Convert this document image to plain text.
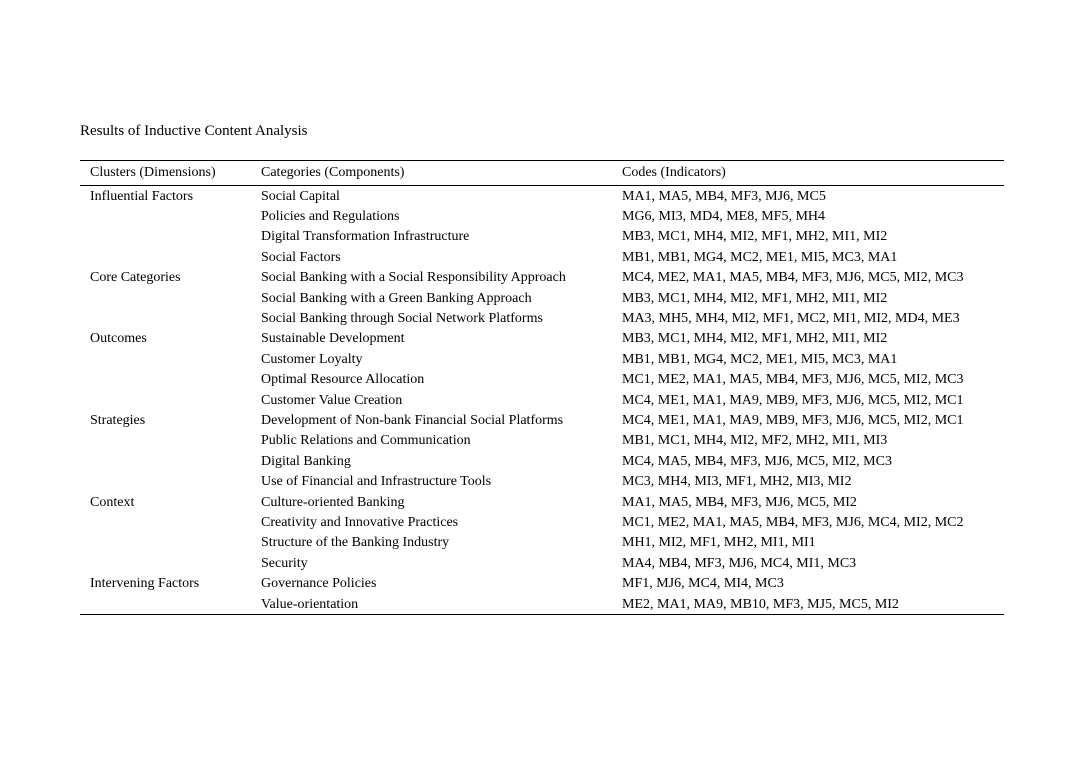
Results of Inductive Content Analysis
Clusters (Dimensions)	Categories (Components)	Codes (Indicators)
Influential Factors	Social Capital	MA1, MA5, MB4, MF3, MJ6, MC5
	Policies and Regulations	MG6, MI3, MD4, ME8, MF5, MH4
	Digital Transformation Infrastructure	MB3, MC1, MH4, MI2, MF1, MH2, MI1, MI2
	Social Factors	MB1, MB1, MG4, MC2, ME1, MI5, MC3, MA1
Core Categories	Social Banking with a Social Responsibility Approach	MC4, ME2, MA1, MA5, MB4, MF3, MJ6, MC5, MI2, MC3
	Social Banking with a Green Banking Approach	MB3, MC1, MH4, MI2, MF1, MH2, MI1, MI2
	Social Banking through Social Network Platforms	MA3, MH5, MH4, MI2, MF1, MC2, MI1, MI2, MD4, ME3
Outcomes	Sustainable Development	MB3, MC1, MH4, MI2, MF1, MH2, MI1, MI2
	Customer Loyalty	MB1, MB1, MG4, MC2, ME1, MI5, MC3, MA1
	Optimal Resource Allocation	MC1, ME2, MA1, MA5, MB4, MF3, MJ6, MC5, MI2, MC3
	Customer Value Creation	MC4, ME1, MA1, MA9, MB9, MF3, MJ6, MC5, MI2, MC1
Strategies	Development of Non-bank Financial Social Platforms	MC4, ME1, MA1, MA9, MB9, MF3, MJ6, MC5, MI2, MC1
	Public Relations and Communication	MB1, MC1, MH4, MI2, MF2, MH2, MI1, MI3
	Digital Banking	MC4, MA5, MB4, MF3, MJ6, MC5, MI2, MC3
	Use of Financial and Infrastructure Tools	MC3, MH4, MI3, MF1, MH2, MI3, MI2
Context	Culture-oriented Banking	MA1, MA5, MB4, MF3, MJ6, MC5, MI2
	Creativity and Innovative Practices	MC1, ME2, MA1, MA5, MB4, MF3, MJ6, MC4, MI2, MC2
	Structure of the Banking Industry	MH1, MI2, MF1, MH2, MI1, MI1
	Security	MA4, MB4, MF3, MJ6, MC4, MI1, MC3
Intervening Factors	Governance Policies	MF1, MJ6, MC4, MI4, MC3
	Value-orientation	ME2, MA1, MA9, MB10, MF3, MJ5, MC5, MI2
